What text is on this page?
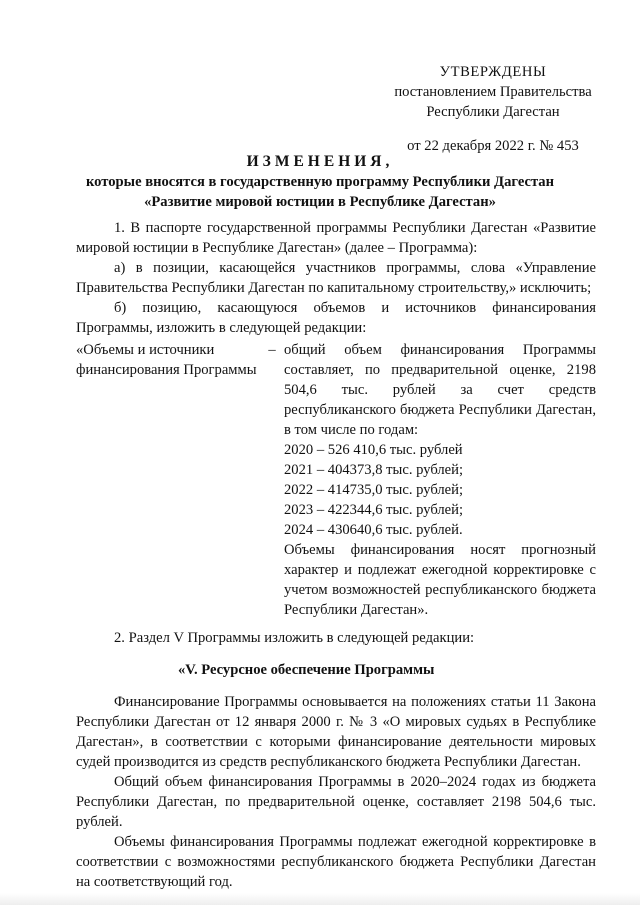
УТВЕРЖДЕНЫ
постановлением Правительства
Республики Дагестан
от 22 декабря 2022 г. № 453
ИЗМЕНЕНИЯ,
которые вносятся в государственную программу Республики Дагестан
«Развитие мировой юстиции в Республике Дагестан»

1. В паспорте государственной программы Республики Дагестан «Развитие мировой юстиции в Республике Дагестан» (далее – Программа):

а) в позиции, касающейся участников программы, слова «Управление Правительства Республики Дагестан по капитальному строительству,» исключить;

б) позицию, касающуюся объемов и источников финансирования Программы, изложить в следующей редакции:

«Объемы и источники финансирования Программы
– общий объем финансирования Программы составляет, по предварительной оценке, 2198 504,6 тыс. рублей за счет средств республиканского бюджета Республики Дагестан, в том числе по годам:

2020 – 526 410,6 тыс. рублей
2021 – 404373,8 тыс. рублей;
2022 – 414735,0 тыс. рублей;
2023 – 422344,6 тыс. рублей;
2024 – 430640,6 тыс. рублей.

Объемы финансирования носят прогнозный характер и подлежат ежегодной корректировке с учетом возможностей республиканского бюджета Республики Дагестан».

2. Раздел V Программы изложить в следующей редакции:

«V. Ресурсное обеспечение Программы

Финансирование Программы основывается на положениях статьи 11 Закона Республики Дагестан от 12 января 2000 г. № 3 «О мировых судьях в Республике Дагестан», в соответствии с которыми финансирование деятельности мировых судей производится из средств республиканского бюджета Республики Дагестан.

Общий объем финансирования Программы в 2020–2024 годах из бюджета Республики Дагестан, по предварительной оценке, составляет 2198 504,6 тыс. рублей.

Объемы финансирования Программы подлежат ежегодной корректировке в соответствии с возможностями республиканского бюджета Республики Дагестан на соответствующий год.
